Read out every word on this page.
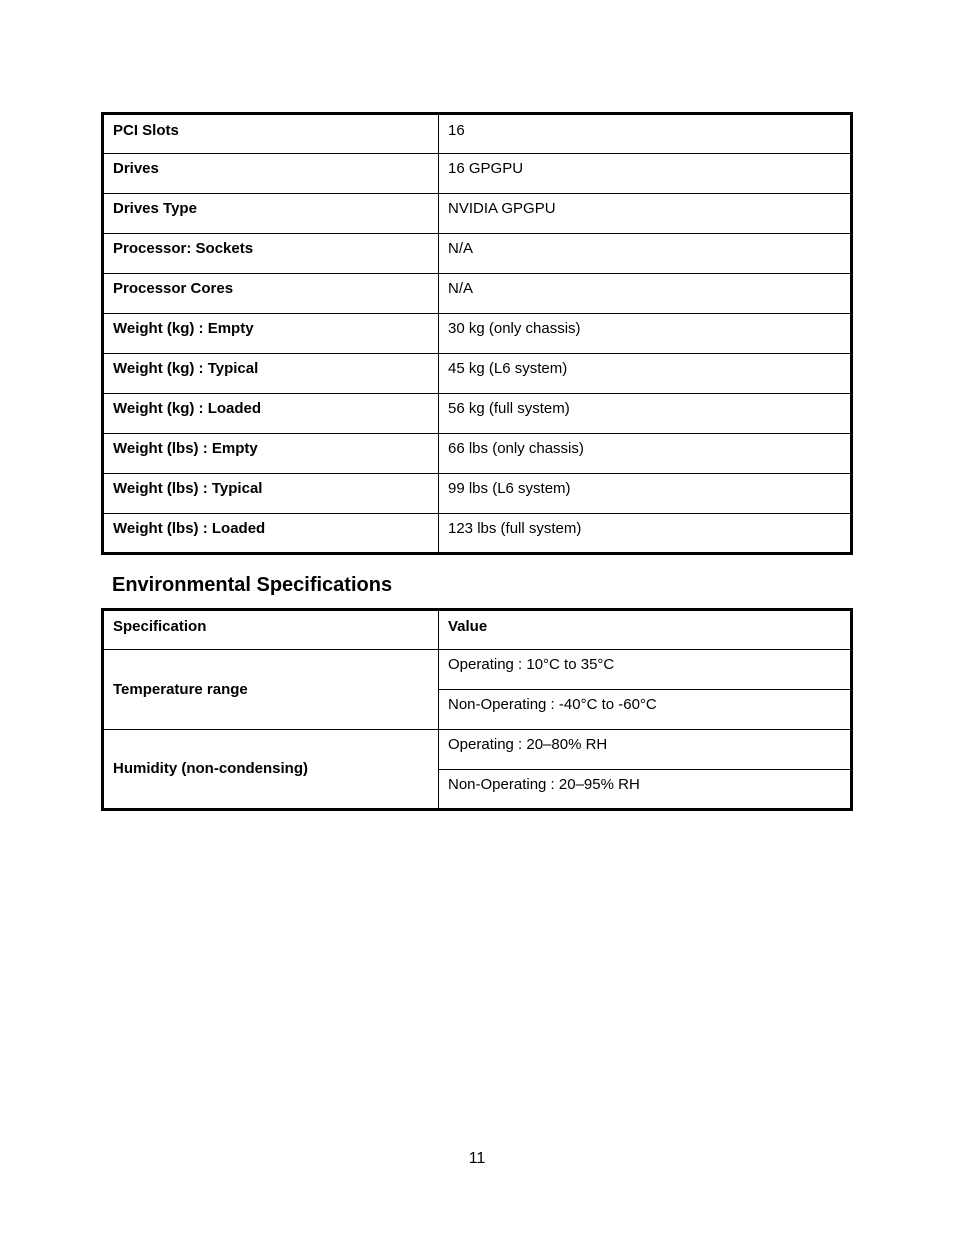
PCI Slots	16
Drives	16 GPGPU
Drives Type	NVIDIA GPGPU
Processor: Sockets	N/A
Processor Cores	N/A
Weight (kg) : Empty	30 kg (only chassis)
Weight (kg) : Typical	45 kg (L6 system)
Weight (kg) : Loaded	56 kg (full system)
Weight (lbs) : Empty	66 lbs (only chassis)
Weight (lbs) : Typical	99 lbs (L6 system)
Weight (lbs) : Loaded	123 lbs (full system)
Environmental Specifications
Specification	Value
Temperature range	Operating : 10°C to 35°C
	Non-Operating : -40°C to -60°C
Humidity (non-condensing)	Operating : 20–80% RH
	Non-Operating : 20–95% RH
11
